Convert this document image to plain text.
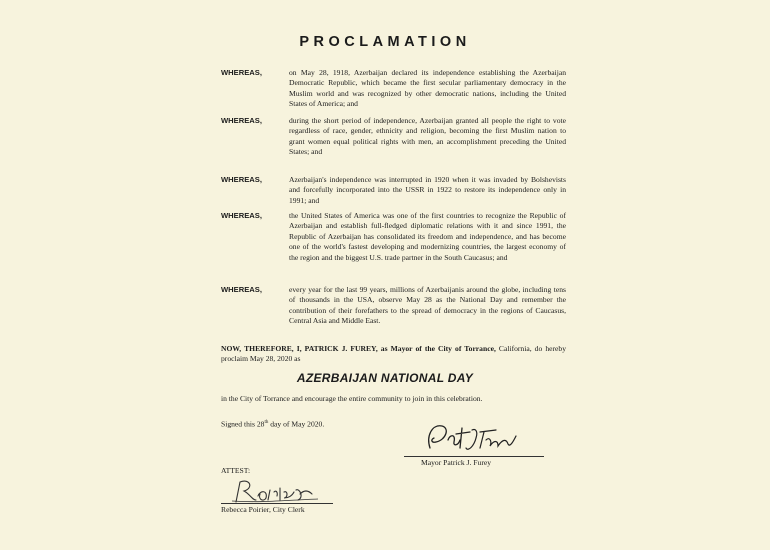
PROCLAMATION
WHEREAS,	on May 28, 1918, Azerbaijan declared its independence establishing the Azerbaijan Democratic Republic, which became the first secular parliamentary democracy in the Muslim world and was recognized by other democratic nations, including the United States of America; and
WHEREAS,	during the short period of independence, Azerbaijan granted all people the right to vote regardless of race, gender, ethnicity and religion, becoming the first Muslim nation to grant women equal political rights with men, an accomplishment preceding the United States; and
WHEREAS,	Azerbaijan's independence was interrupted in 1920 when it was invaded by Bolshevists and forcefully incorporated into the USSR in 1922 to restore its independence only in 1991; and
WHEREAS,	the United States of America was one of the first countries to recognize the Republic of Azerbaijan and establish full-fledged diplomatic relations with it and since 1991, the Republic of Azerbaijan has consolidated its freedom and independence, and has become one of the world's fastest developing and modernizing countries, the largest economy of the region and the biggest U.S. trade partner in the South Caucasus; and
WHEREAS,	every year for the last 99 years, millions of Azerbaijanis around the globe, including tens of thousands in the USA, observe May 28 as the National Day and remember the contribution of their forefathers to the spread of democracy in the regions of Caucasus, Central Asia and Middle East.
NOW, THEREFORE, I, PATRICK J. FUREY, as Mayor of the City of Torrance, California, do hereby proclaim May 28, 2020 as
AZERBAIJAN NATIONAL DAY
in the City of Torrance and encourage the entire community to join in this celebration.
Signed this 28th day of May 2020.
Mayor Patrick J. Furey
ATTEST:
Rebecca Poirier, City Clerk
